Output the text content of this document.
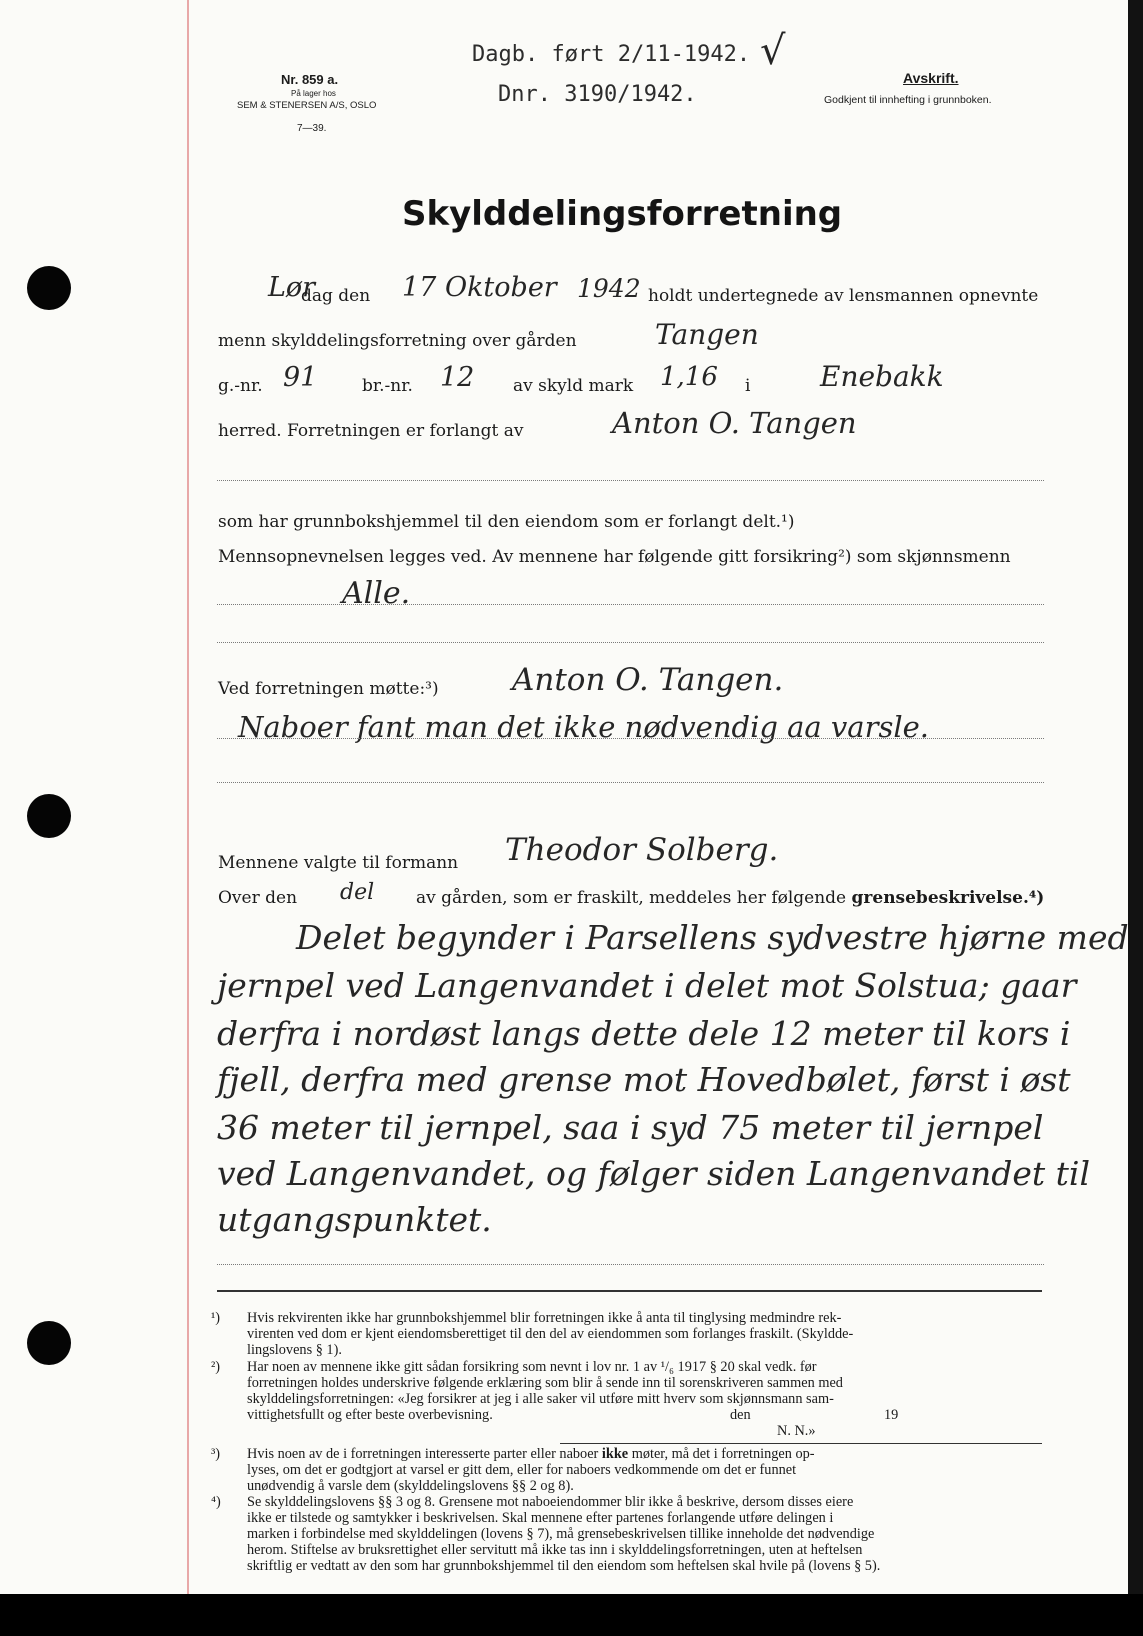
Nr. 859 a.
På lager hos
SEM & STENERSEN A/S, OSLO
7—39.
Dagb. ført 2/11-1942. √
Dnr. 3190/1942.
Avskrift.
Godkjent til innhefting i grunnboken.
Skylddelingsforretning
Lør
dag den 17 Oktober 1942 holdt undertegnede av lensmannen opnevnte
menn skylddelingsforretning over gården	Tangen
g.-nr. 91	br.-nr. 12 av skyld mark 1,16 i Enebakk
herred. Forretningen er forlangt av	Anton O. Tangen
som har grunnbokshjemmel til den eiendom som er forlangt delt.¹)
Mennsopnevnelsen legges ved. Av mennene har følgende gitt forsikring²) som skjønnsmenn
Alle.
Ved forretningen møtte:³) Anton O. Tangen.
Naboer fant man det ikke nødvendig aa varsle.
Mennene valgte til formann Theodor Solberg.
Over den del av gården, som er fraskilt, meddeles her følgende grensebeskrivelse.⁴)
Delet begynder i Parsellens sydvestre hjørne med
jernpel ved Langenvandet i delet mot Solstua; gaar
derfra i nordøst langs dette dele 12 meter til kors i
fjell, derfra med grense mot Hovedbølet, først i øst
36 meter til jernpel, saa i syd 75 meter til jernpel
ved Langenvandet, og følger siden Langenvandet til
utgangspunktet.
¹) Hvis rekvirenten ikke har grunnbokshjemmel blir forretningen ikke å anta til tinglysing medmindre rek-
virenten ved dom er kjent eiendomsberettiget til den del av eiendommen som forlanges fraskilt. (Skyldde-
lingslovens § 1).
²) Har noen av mennene ikke gitt sådan forsikring som nevnt i lov nr. 1 av ¹/₆ 1917 § 20 skal vedk. før
forretningen holdes underskrive følgende erklæring som blir å sende inn til sorenskriveren sammen med
skylddelingsforretningen: «Jeg forsikrer at jeg i alle saker vil utføre mitt hverv som skjønnsmann sam-
vittighetsfullt og efter beste overbevisning.	den	19
N. N.»
³) Hvis noen av de i forretningen interesserte parter eller naboer ikke møter, må det i forretningen op-
lyses, om det er godtgjort at varsel er gitt dem, eller for naboers vedkommende om det er funnet
unødvendig å varsle dem (skylddelingslovens §§ 2 og 8).
⁴) Se skylddelingslovens §§ 3 og 8. Grensene mot naboeiendommer blir ikke å beskrive, dersom disses eiere
ikke er tilstede og samtykker i beskrivelsen. Skal mennene efter partenes forlangende utføre delingen i
marken i forbindelse med skylddelingen (lovens § 7), må grensebeskrivelsen tillike inneholde det nødvendige
herom. Stiftelse av bruksrettighet eller servitutt må ikke tas inn i skylddelingsforretningen, uten at heftelsen
skriftlig er vedtatt av den som har grunnbokshjemmel til den eiendom som heftelsen skal hvile på (lovens § 5).
